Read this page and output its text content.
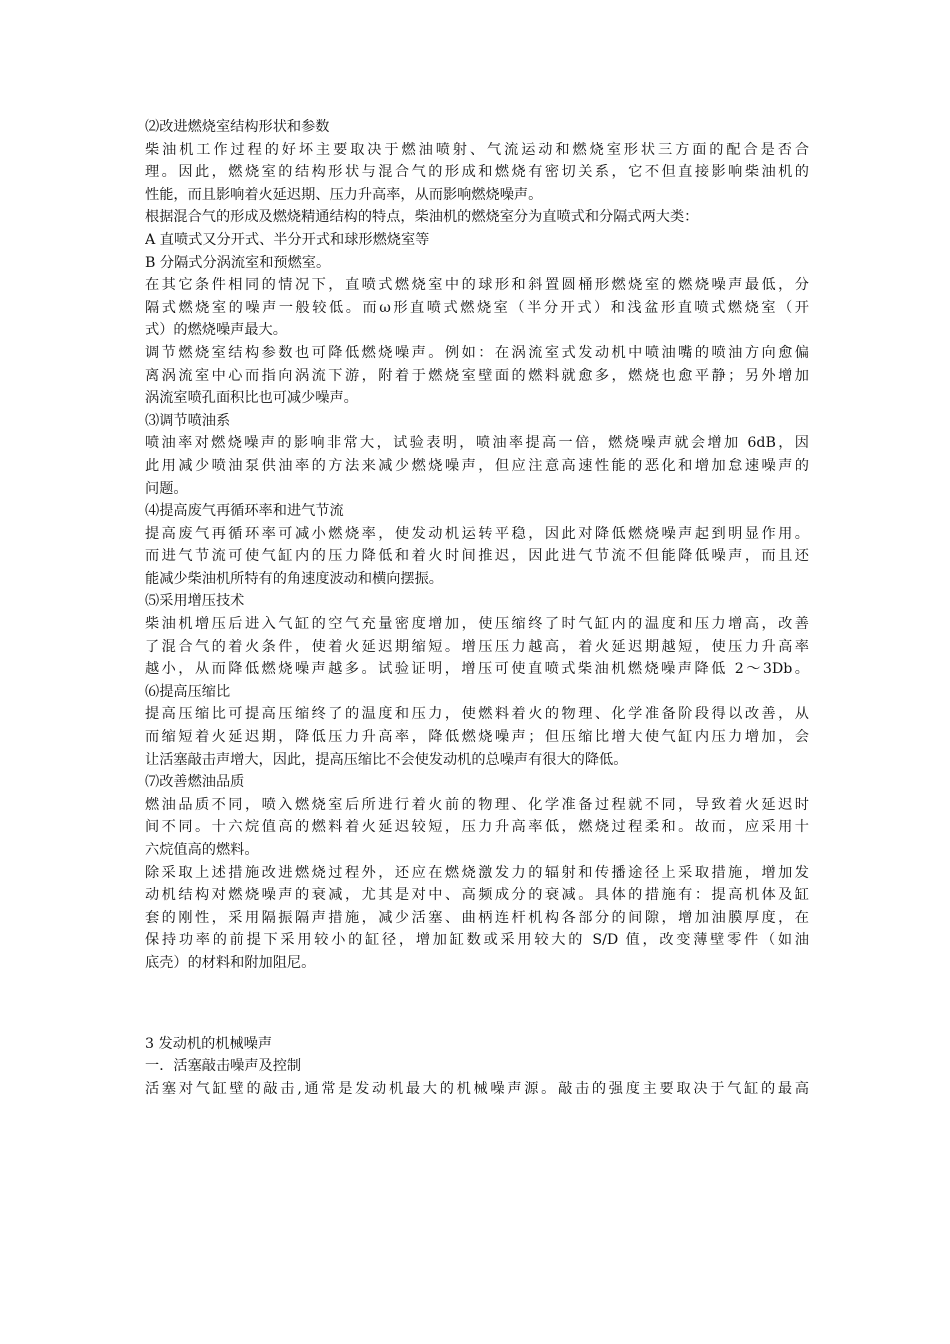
⑵改进燃烧室结构形状和参数
柴油机工作过程的好坏主要取决于燃油喷射、气流运动和燃烧室形状三方面的配合是否合
理。因此，燃烧室的结构形状与混合气的形成和燃烧有密切关系，它不但直接影响柴油机的
性能，而且影响着火延迟期、压力升高率，从而影响燃烧噪声。
根据混合气的形成及燃烧精通结构的特点，柴油机的燃烧室分为直喷式和分隔式两大类：
A 直喷式又分开式、半分开式和球形燃烧室等
B 分隔式分涡流室和预燃室。
在其它条件相同的情况下，直喷式燃烧室中的球形和斜置圆桶形燃烧室的燃烧噪声最低，分
隔式燃烧室的噪声一般较低。而ω形直喷式燃烧室（半分开式）和浅盆形直喷式燃烧室（开
式）的燃烧噪声最大。
调节燃烧室结构参数也可降低燃烧噪声。例如：在涡流室式发动机中喷油嘴的喷油方向愈偏
离涡流室中心而指向涡流下游，附着于燃烧室壁面的燃料就愈多，燃烧也愈平静；另外增加
涡流室喷孔面积比也可减少噪声。
⑶调节喷油系
喷油率对燃烧噪声的影响非常大，试验表明，喷油率提高一倍，燃烧噪声就会增加 6dB，因
此用减少喷油泵供油率的方法来减少燃烧噪声，但应注意高速性能的恶化和增加怠速噪声的
问题。
⑷提高废气再循环率和进气节流
提高废气再循环率可减小燃烧率，使发动机运转平稳，因此对降低燃烧噪声起到明显作用。
而进气节流可使气缸内的压力降低和着火时间推迟，因此进气节流不但能降低噪声，而且还
能减少柴油机所特有的角速度波动和横向摆振。
⑸采用增压技术
柴油机增压后进入气缸的空气充量密度增加，使压缩终了时气缸内的温度和压力增高，改善
了混合气的着火条件，使着火延迟期缩短。增压压力越高，着火延迟期越短，使压力升高率
越小，从而降低燃烧噪声越多。试验证明，增压可使直喷式柴油机燃烧噪声降低 2～3Db。
⑹提高压缩比
提高压缩比可提高压缩终了的温度和压力，使燃料着火的物理、化学准备阶段得以改善，从
而缩短着火延迟期，降低压力升高率，降低燃烧噪声；但压缩比增大使气缸内压力增加，会
让活塞敲击声增大，因此，提高压缩比不会使发动机的总噪声有很大的降低。
⑺改善燃油品质
燃油品质不同，喷入燃烧室后所进行着火前的物理、化学准备过程就不同，导致着火延迟时
间不同。十六烷值高的燃料着火延迟较短，压力升高率低，燃烧过程柔和。故而，应采用十
六烷值高的燃料。
除采取上述措施改进燃烧过程外，还应在燃烧激发力的辐射和传播途径上采取措施，增加发
动机结构对燃烧噪声的衰减，尤其是对中、高频成分的衰减。具体的措施有：提高机体及缸
套的刚性，采用隔振隔声措施，减少活塞、曲柄连杆机构各部分的间隙，增加油膜厚度，在
保持功率的前提下采用较小的缸径，增加缸数或采用较大的 S/D 值，改变薄壁零件（如油
底壳）的材料和附加阻尼。
3 发动机的机械噪声
一．活塞敲击噪声及控制
活塞对气缸壁的敲击,通常是发动机最大的机械噪声源。敲击的强度主要取决于气缸的最高
